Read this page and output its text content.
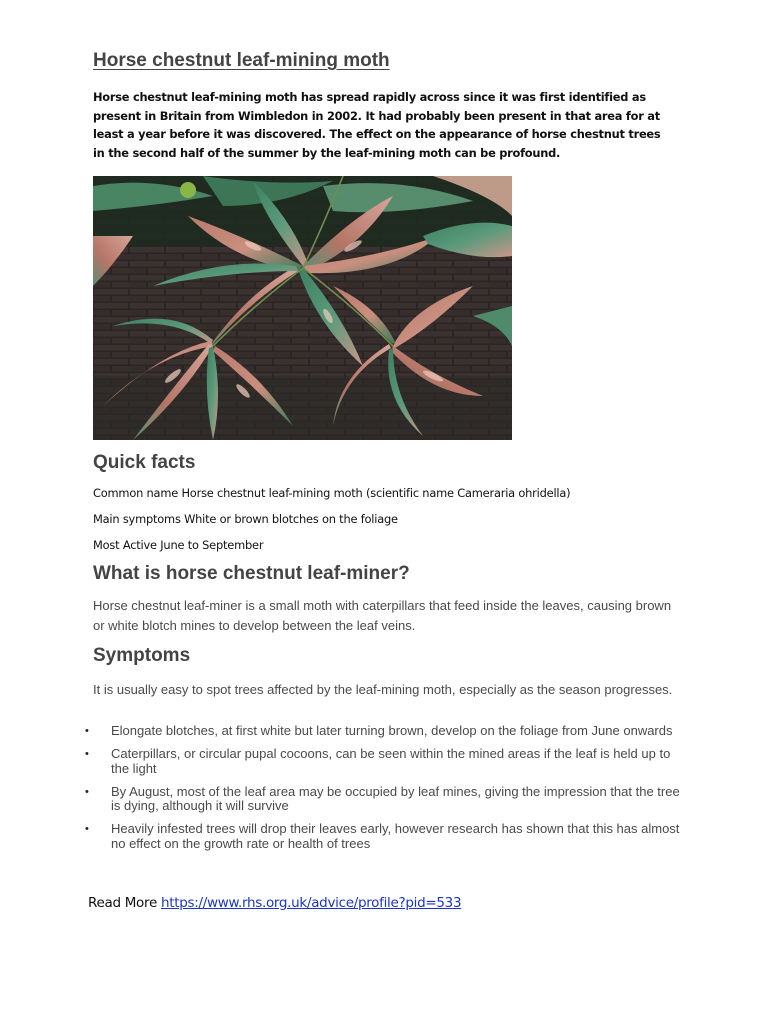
Horse chestnut leaf-mining moth

Horse chestnut leaf-mining moth has spread rapidly across since it was first identified as present in Britain from Wimbledon in 2002. It had probably been present in that area for at least a year before it was discovered. The effect on the appearance of horse chestnut trees in the second half of the summer by the leaf-mining moth can be profound.

Quick facts

Common name Horse chestnut leaf-mining moth (scientific name Cameraria ohridella)

Main symptoms White or brown blotches on the foliage

Most Active June to September

What is horse chestnut leaf-miner?

Horse chestnut leaf-miner is a small moth with caterpillars that feed inside the leaves, causing brown or white blotch mines to develop between the leaf veins.

Symptoms

It is usually easy to spot trees affected by the leaf-mining moth, especially as the season progresses.

• Elongate blotches, at first white but later turning brown, develop on the foliage from June onwards
• Caterpillars, or circular pupal cocoons, can be seen within the mined areas if the leaf is held up to the light
• By August, most of the leaf area may be occupied by leaf mines, giving the impression that the tree is dying, although it will survive
• Heavily infested trees will drop their leaves early, however research has shown that this has almost no effect on the growth rate or health of trees

Read More https://www.rhs.org.uk/advice/profile?pid=533
